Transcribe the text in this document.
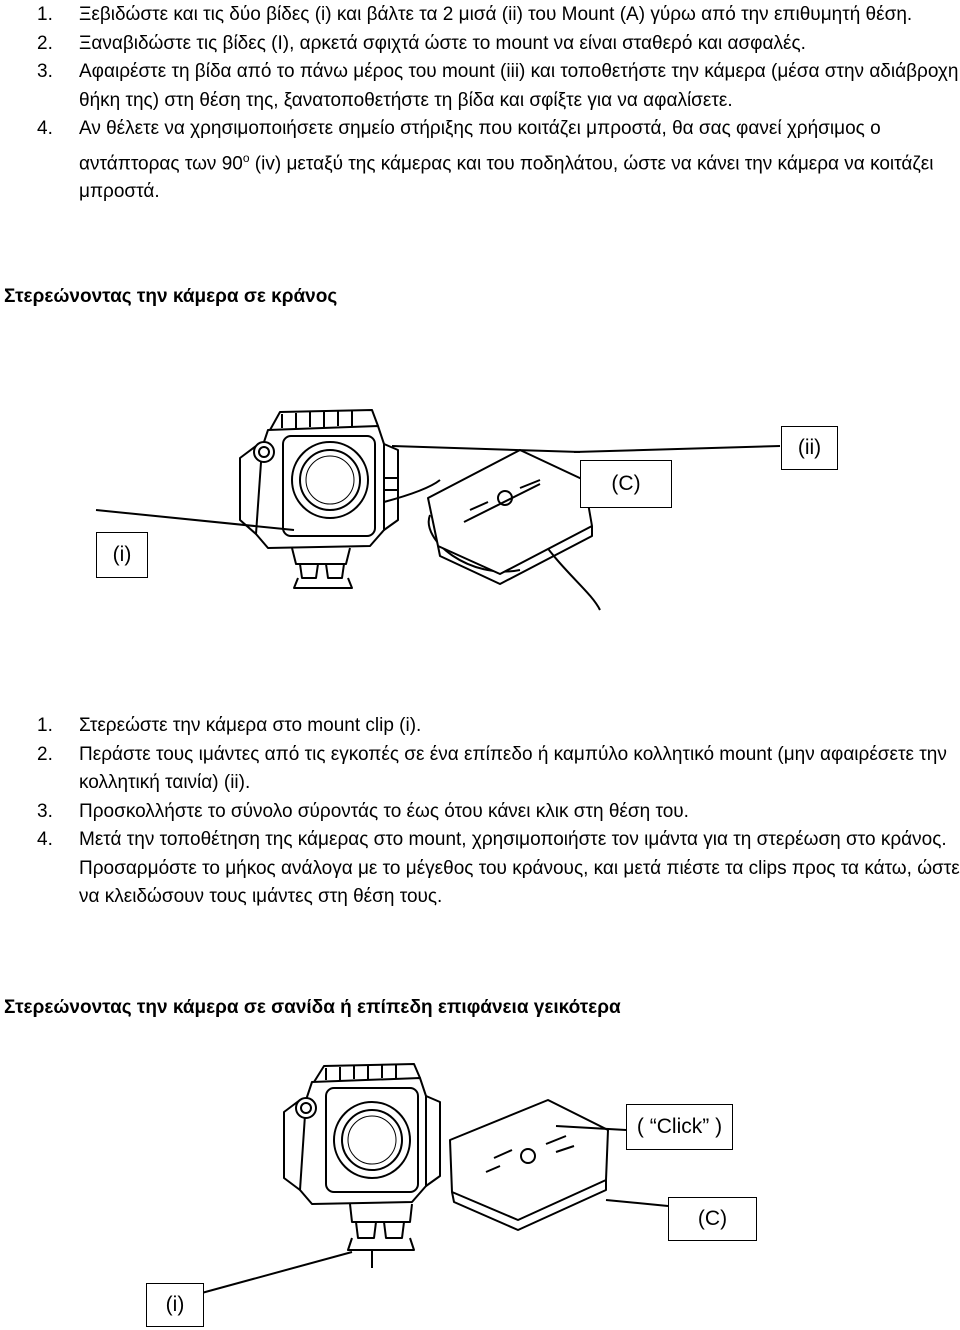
1. Ξεβιδώστε και τις δύο βίδες (i) και βάλτε τα 2 μισά (ii) του Mount (A) γύρω από την επιθυμητή θέση.
2. Ξαναβιδώστε τις βίδες (I), αρκετά σφιχτά ώστε το mount να είναι σταθερό και ασφαλές.
3. Αφαιρέστε τη βίδα από το πάνω μέρος του mount (iii) και τοποθετήστε την κάμερα (μέσα στην αδιάβροχη θήκη της) στη θέση της, ξανατοποθετήστε τη βίδα και σφίξτε για να αφαλίσετε.
4. Αν θέλετε να χρησιμοποιήσετε σημείο στήριξης που κοιτάζει μπροστά, θα σας φανεί χρήσιμος ο αντάπτορας των 90$^o$ (iv) μεταξύ της κάμερας και του ποδηλάτου, ώστε να κάνει την κάμερα να κοιτάζει μπροστά.
Στερεώνοντας την κάμερα σε κράνος
(ii)
(C)
(i)
1. Στερεώστε την κάμερα στο mount clip (i).
2. Περάστε τους ιμάντες από τις εγκοπές σε ένα επίπεδο ή καμπύλο κολλητικό mount (μην αφαιρέσετε την κολλητική ταινία) (ii).
3. Προσκολλήστε το σύνολο σύροντάς το έως ότου κάνει κλικ στη θέση του.
4. Μετά την τοποθέτηση της κάμερας στο mount, χρησιμοποιήστε τον ιμάντα για τη στερέωση στο κράνος. Προσαρμόστε το μήκος ανάλογα με το μέγεθος του κράνους, και μετά πιέστε τα clips προς τα κάτω, ώστε να κλειδώσουν τους ιμάντες στη θέση τους.
Στερεώνοντας την κάμερα σε σανίδα ή επίπεδη επιφάνεια γεικότερα
( “Click” )
(C)
(i)
